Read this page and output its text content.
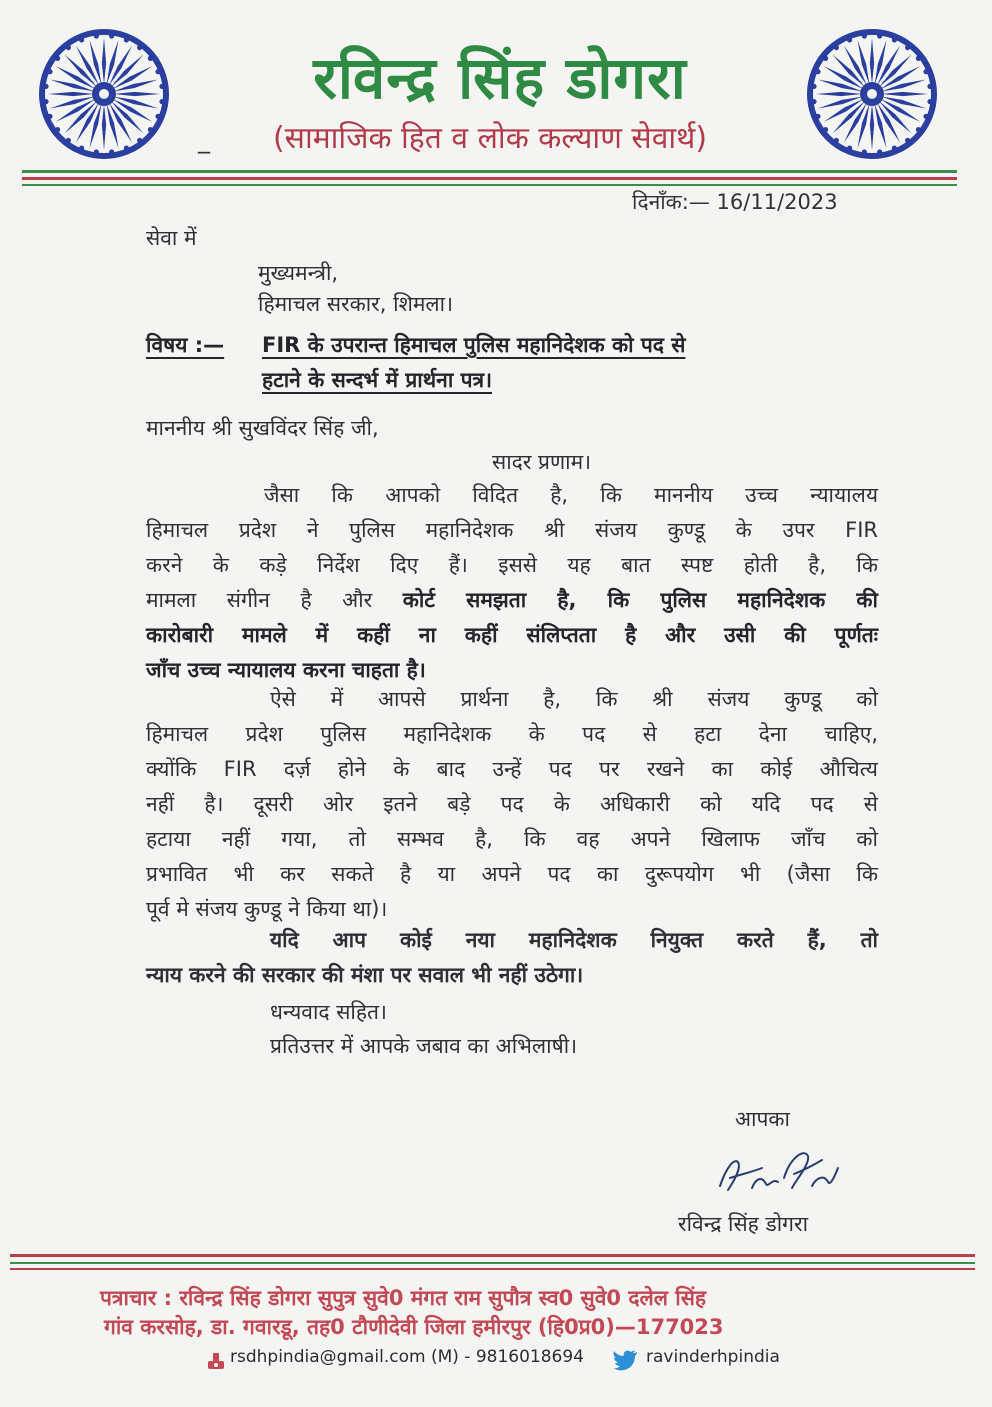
रविन्द्र सिंह डोगरा
_	(सामाजिक हित व लोक कल्याण सेवार्थ)
दिनाँक:— 16/11/2023
सेवा में
मुख्यमन्त्री,
हिमाचल सरकार, शिमला।
विषय :— FIR के उपरान्त हिमाचल पुलिस महानिदेशक को पद से
हटाने के सन्दर्भ में प्रार्थना पत्र।
माननीय श्री सुखविंदर सिंह जी,
सादर प्रणाम।
जैसा कि आपको विदित है, कि माननीय उच्च न्यायालय
हिमाचल प्रदेश ने पुलिस महानिदेशक श्री संजय कुण्डू के उपर FIR
करने के कड़े निर्देश दिए हैं। इससे यह बात स्पष्ट होती है, कि
मामला संगीन है और कोर्ट समझता है, कि पुलिस महानिदेशक की
कारोबारी मामले में कहीं ना कहीं संलिप्तता है और उसी की पूर्णतः
जाँच उच्च न्यायालय करना चाहता है।
ऐसे में आपसे प्रार्थना है, कि श्री संजय कुण्डू को
हिमाचल प्रदेश पुलिस महानिदेशक के पद से हटा देना चाहिए,
क्योंकि FIR दर्ज़ होने के बाद उन्हें पद पर रखने का कोई औचित्य
नहीं है। दूसरी ओर इतने बड़े पद के अधिकारी को यदि पद से
हटाया नहीं गया, तो सम्भव है, कि वह अपने खिलाफ जाँच को
प्रभावित भी कर सकते है या अपने पद का दुरूपयोग भी (जैसा कि
पूर्व मे संजय कुण्डू ने किया था)।
यदि आप कोई नया महानिदेशक नियुक्त करते हैं, तो
न्याय करने की सरकार की मंशा पर सवाल भी नहीं उठेगा।
धन्यवाद सहित।
प्रतिउत्तर में आपके जबाव का अभिलाषी।
आपका
रविन्द्र सिंह डोगरा
पत्राचार : रविन्द्र सिंह डोगरा सुपुत्र सुवे0 मंगत राम सुपौत्र स्व0 सुवे0 दलेल सिंह
गांव करसोह, डा. गवारडू, तह0 टौणीदेवी जिला हमीरपुर (हि0प्र0)—177023
rsdhpindia@gmail.com (M) - 9816018694	ravinderhpindia
